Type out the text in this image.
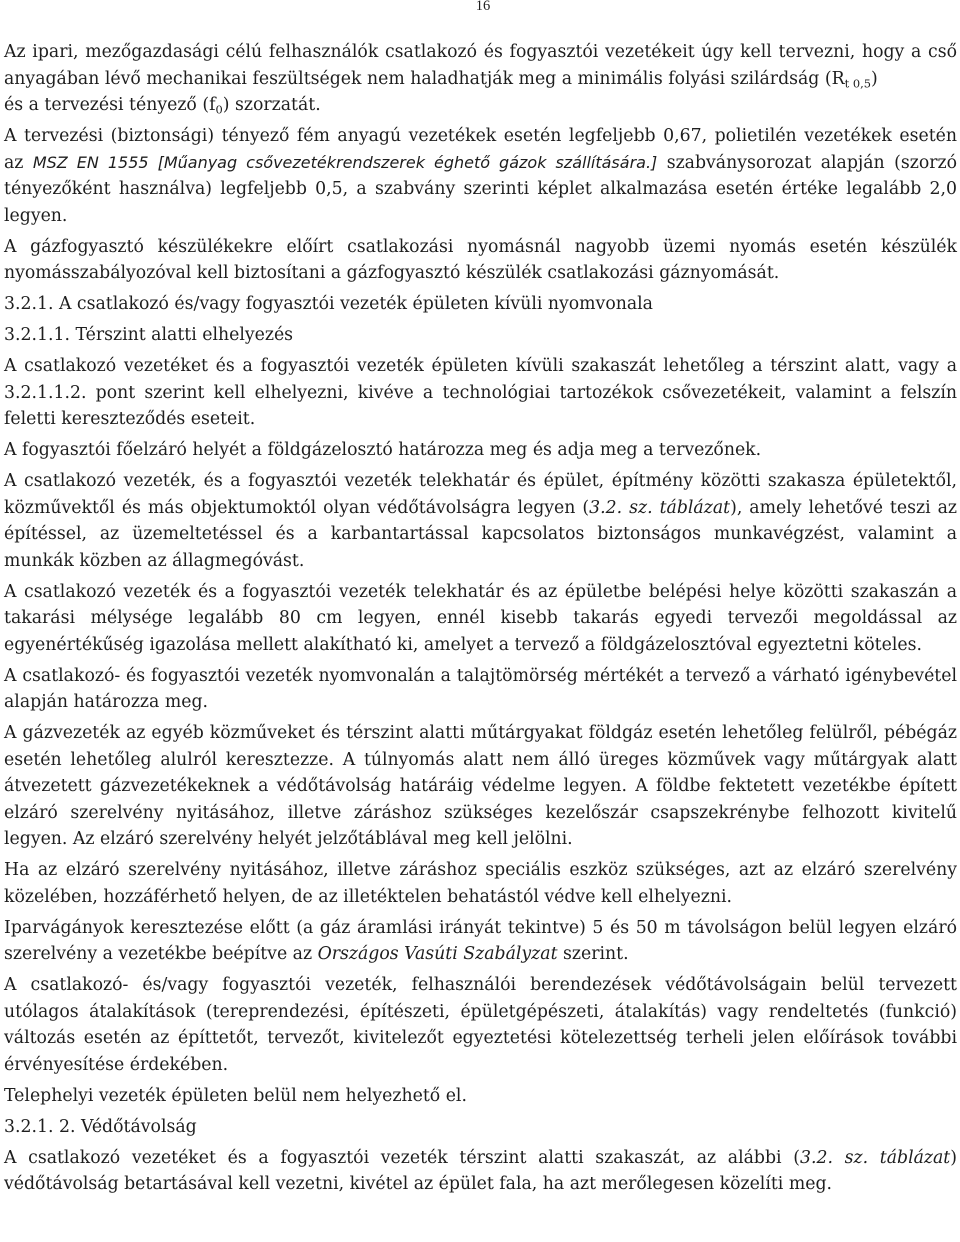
16

Az ipari, mezőgazdasági célú felhasználók csatlakozó és fogyasztói vezetékeit úgy kell tervezni, hogy a cső anyagában lévő mechanikai feszültségek nem haladhatják meg a minimális folyási szilárdság $(R_{t 0,5})$
és a tervezési tényező $(f_0)$ szorzatát.

A tervezési (biztonsági) tényező fém anyagú vezetékek esetén legfeljebb 0,67, polietilén vezetékek esetén az MSZ EN 1555 [Műanyag csővezetékrendszerek éghető gázok szállítására.] szabványsorozat alapján (szorzó tényezőként használva) legfeljebb 0,5, a szabvány szerinti képlet alkalmazása esetén értéke legalább 2,0 legyen.

A gázfogyasztó készülékekre előírt csatlakozási nyomásnál nagyobb üzemi nyomás esetén készülék nyomásszabályozóval kell biztosítani a gázfogyasztó készülék csatlakozási gáznyomását.

3.2.1. A csatlakozó és/vagy fogyasztói vezeték épületen kívüli nyomvonala

3.2.1.1. Térszint alatti elhelyezés

A csatlakozó vezetéket és a fogyasztói vezeték épületen kívüli szakaszát lehetőleg a térszint alatt, vagy a 3.2.1.1.2. pont szerint kell elhelyezni, kivéve a technológiai tartozékok csővezetékeit, valamint a felszín feletti kereszteződés eseteit.

A fogyasztói főelzáró helyét a földgázelosztó határozza meg és adja meg a tervezőnek.

A csatlakozó vezeték, és a fogyasztói vezeték telekhatár és épület, építmény közötti szakasza épületektől, közművektől és más objektumoktól olyan védőtávolságra legyen (3.2. sz. táblázat), amely lehetővé teszi az építéssel, az üzemeltetéssel és a karbantartással kapcsolatos biztonságos munkavégzést, valamint a munkák közben az állagmegóvást.

A csatlakozó vezeték és a fogyasztói vezeték telekhatár és az épületbe belépési helye közötti szakaszán a takarási mélysége legalább 80 cm legyen, ennél kisebb takarás egyedi tervezői megoldással az egyenértékűség igazolása mellett alakítható ki, amelyet a tervező a földgázelosztóval egyeztetni köteles.

A csatlakozó- és fogyasztói vezeték nyomvonalán a talajtömörség mértékét a tervező a várható igénybevétel alapján határozza meg.

A gázvezeték az egyéb közműveket és térszint alatti műtárgyakat földgáz esetén lehetőleg felülről, pébégáz esetén lehetőleg alulról keresztezze. A túlnyomás alatt nem álló üreges közművek vagy műtárgyak alatt átvezetett gázvezetékeknek a védőtávolság határáig védelme legyen. A földbe fektetett vezetékbe épített elzáró szerelvény nyitásához, illetve záráshoz szükséges kezelőszár csapszekrénybe felhozott kivitelű legyen. Az elzáró szerelvény helyét jelzőtáblával meg kell jelölni.

Ha az elzáró szerelvény nyitásához, illetve záráshoz speciális eszköz szükséges, azt az elzáró szerelvény közelében, hozzáférhető helyen, de az illetéktelen behatástól védve kell elhelyezni.

Iparvágányok keresztezése előtt (a gáz áramlási irányát tekintve) 5 és 50 m távolságon belül legyen elzáró szerelvény a vezetékbe beépítve az Országos Vasúti Szabályzat szerint.

A csatlakozó- és/vagy fogyasztói vezeték, felhasználói berendezések védőtávolságain belül tervezett utólagos átalakítások (tereprendezési, építészeti, épületgépészeti, átalakítás) vagy rendeltetés (funkció) változás esetén az építtetőt, tervezőt, kivitelezőt egyeztetési kötelezettség terheli jelen előírások további érvényesítése érdekében.

Telephelyi vezeték épületen belül nem helyezhető el.

3.2.1. 2. Védőtávolság

A csatlakozó vezetéket és a fogyasztói vezeték térszint alatti szakaszát, az alábbi (3.2. sz. táblázat) védőtávolság betartásával kell vezetni, kivétel az épület fala, ha azt merőlegesen közelíti meg.
